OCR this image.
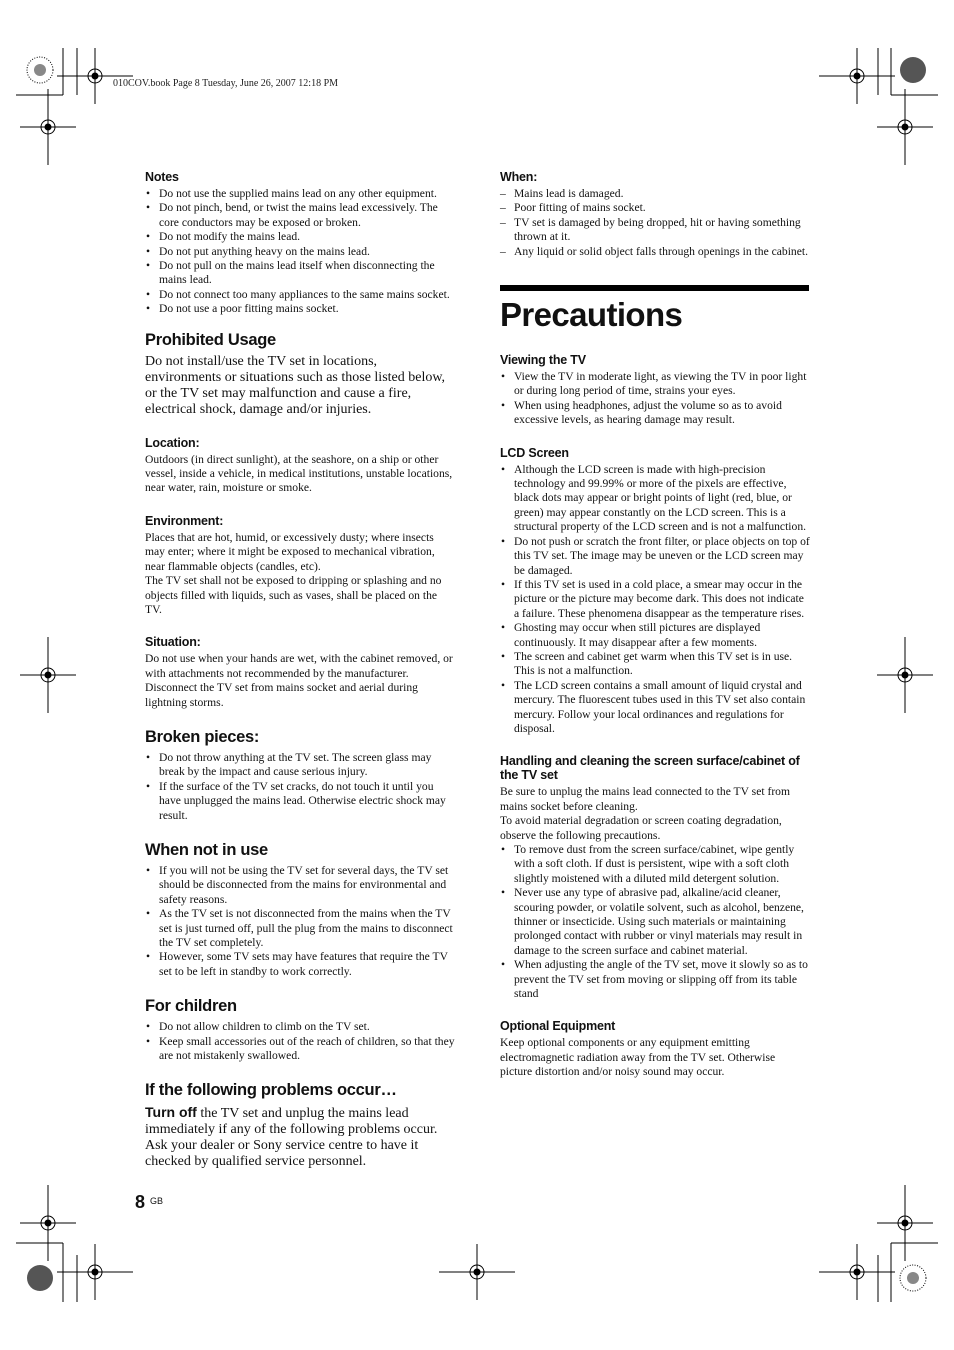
010COV.book Page 8 Tuesday, June 26, 2007 12:18 PM
Notes
• Do not use the supplied mains lead on any other equipment.
• Do not pinch, bend, or twist the mains lead excessively. The core conductors may be exposed or broken.
• Do not modify the mains lead.
• Do not put anything heavy on the mains lead.
• Do not pull on the mains lead itself when disconnecting the mains lead.
• Do not connect too many appliances to the same mains socket.
• Do not use a poor fitting mains socket.
Prohibited Usage

Do not install/use the TV set in locations, environments or situations such as those listed below, or the TV set may malfunction and cause a fire, electrical shock, damage and/or injuries.

Location:

Outdoors (in direct sunlight), at the seashore, on a ship or other vessel, inside a vehicle, in medical institutions, unstable locations, near water, rain, moisture or smoke.

Environment:

Places that are hot, humid, or excessively dusty; where insects may enter; where it might be exposed to mechanical vibration, near flammable objects (candles, etc).

The TV set shall not be exposed to dripping or splashing and no objects filled with liquids, such as vases, shall be placed on the TV.

Situation:

Do not use when your hands are wet, with the cabinet removed, or with attachments not recommended by the manufacturer. Disconnect the TV set from mains socket and aerial during lightning storms.

Broken pieces:
• Do not throw anything at the TV set. The screen glass may break by the impact and cause serious injury.
• If the surface of the TV set cracks, do not touch it until you have unplugged the mains lead. Otherwise electric shock may result.
When not in use
• If you will not be using the TV set for several days, the TV set should be disconnected from the mains for environmental and safety reasons.
• As the TV set is not disconnected from the mains when the TV set is just turned off, pull the plug from the mains to disconnect the TV set completely.
• However, some TV sets may have features that require the TV set to be left in standby to work correctly.
For children
• Do not allow children to climb on the TV set.
• Keep small accessories out of the reach of children, so that they are not mistakenly swallowed.
If the following problems occur…

Turn off the TV set and unplug the mains lead immediately if any of the following problems occur. Ask your dealer or Sony service centre to have it checked by qualified service personnel.

When:
– Mains lead is damaged.
– Poor fitting of mains socket.
– TV set is damaged by being dropped, hit or having something thrown at it.
– Any liquid or solid object falls through openings in the cabinet.
Precautions
Viewing the TV
• View the TV in moderate light, as viewing the TV in poor light or during long period of time, strains your eyes.
• When using headphones, adjust the volume so as to avoid excessive levels, as hearing damage may result.
LCD Screen
• Although the LCD screen is made with high-precision technology and 99.99% or more of the pixels are effective, black dots may appear or bright points of light (red, blue, or green) may appear constantly on the LCD screen. This is a structural property of the LCD screen and is not a malfunction.
• Do not push or scratch the front filter, or place objects on top of this TV set. The image may be uneven or the LCD screen may be damaged.
• If this TV set is used in a cold place, a smear may occur in the picture or the picture may become dark. This does not indicate a failure. These phenomena disappear as the temperature rises.
• Ghosting may occur when still pictures are displayed continuously. It may disappear after a few moments.
• The screen and cabinet get warm when this TV set is in use. This is not a malfunction.
• The LCD screen contains a small amount of liquid crystal and mercury. The fluorescent tubes used in this TV set also contain mercury. Follow your local ordinances and regulations for disposal.
Handling and cleaning the screen surface/cabinet of the TV set

Be sure to unplug the mains lead connected to the TV set from mains socket before cleaning.

To avoid material degradation or screen coating degradation, observe the following precautions.

• To remove dust from the screen surface/cabinet, wipe gently with a soft cloth. If dust is persistent, wipe with a soft cloth slightly moistened with a diluted mild detergent solution.
• Never use any type of abrasive pad, alkaline/acid cleaner, scouring powder, or volatile solvent, such as alcohol, benzene, thinner or insecticide. Using such materials or maintaining prolonged contact with rubber or vinyl materials may result in damage to the screen surface and cabinet material.
• When adjusting the angle of the TV set, move it slowly so as to prevent the TV set from moving or slipping off from its table stand
Optional Equipment

Keep optional components or any equipment emitting electromagnetic radiation away from the TV set. Otherwise picture distortion and/or noisy sound may occur.

8 GB
